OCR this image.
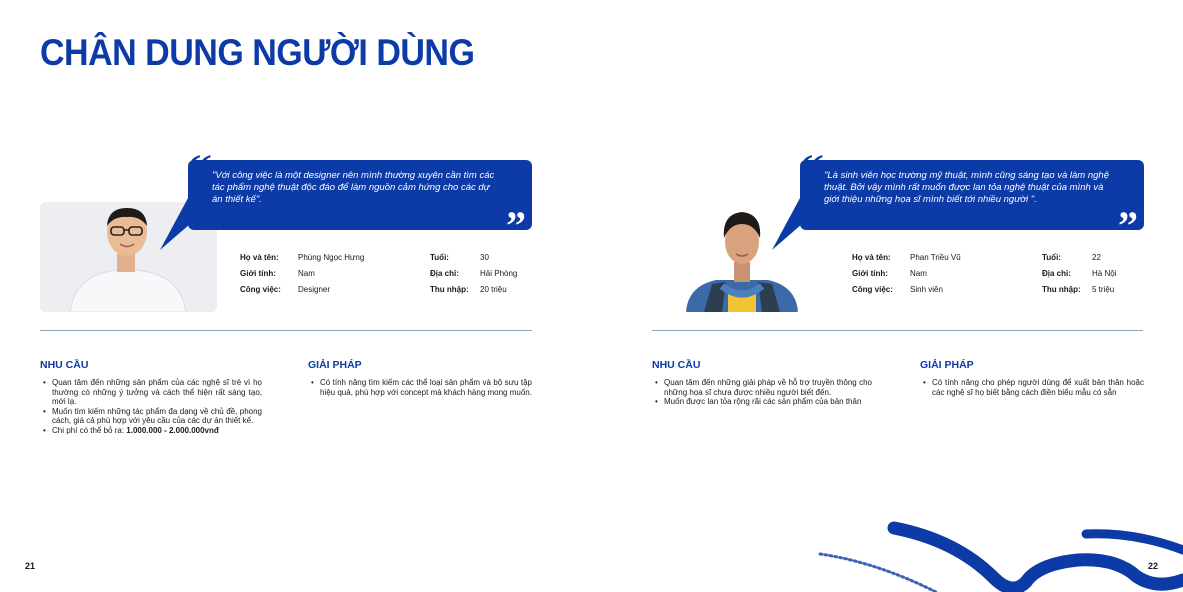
CHÂN DUNG NGƯỜI DÙNG
"Với công việc là một designer nên mình thường xuyên cần tìm các tác phẩm nghệ thuật độc đáo để làm nguồn cảm hứng cho các dự án thiết kế".
“
”
Họ và tên: Phùng Ngọc Hưng
Giới tính:	Nam
Công việc: Designer
Tuổi:	30
Địa chỉ:	Hải Phòng
Thu nhập: 20 triệu
"Là sinh viên học trường mỹ thuật, mình cũng sáng tạo và làm nghệ thuật. Bởi vậy mình rất muốn được lan tỏa nghệ thuật của mình và giới thiệu những họa sĩ mình biết tới nhiều người ".
“
”
Họ và tên: Phan Triều Vũ
Giới tính:	Nam
Công việc: Sinh viên
Tuổi:	22
Địa chỉ:	Hà Nội
Thu nhập: 5 triệu
NHU CẦU
• Quan tâm đến những sản phẩm của các nghệ sĩ trẻ vì họ thường có những ý tưởng và cách thể hiện rất sáng tạo, mới lạ.
• Muốn tìm kiếm những tác phẩm đa dạng về chủ đề, phong cách, giá cả phù hợp với yêu cầu của các dự án thiết kế.
• Chi phí có thể bỏ ra: 1.000.000 - 2.000.000vnđ
GIẢI PHÁP
• Có tính năng tìm kiếm các thể loại sản phẩm và bộ sưu tập hiệu quả, phù hợp với concept mà khách hàng mong muốn.
NHU CẦU
• Quan tâm đến những giải pháp về hỗ trợ truyền thông cho những họa sĩ chưa được nhiều người biết đến.
• Muốn được lan tỏa rộng rãi các sản phẩm của bản thân
GIẢI PHÁP
• Có tính năng cho phép người dùng để xuất bản thân hoặc các nghệ sĩ họ biết bằng cách điền biểu mẫu có sẵn
21	22
